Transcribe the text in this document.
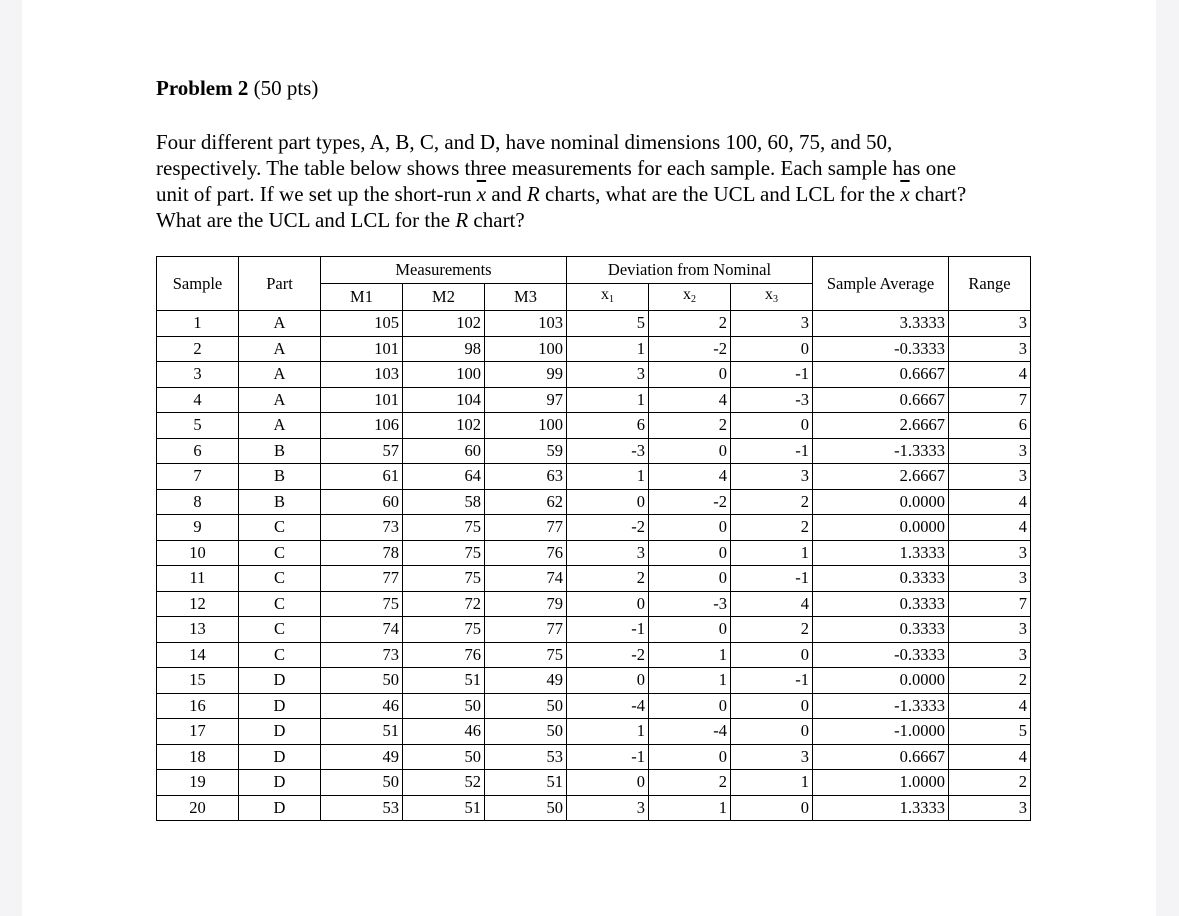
Problem 2 (50 pts)
Four different part types, A, B, C, and D, have nominal dimensions 100, 60, 75, and 50,
respectively. The table below shows three measurements for each sample. Each sample has one
unit of part. If we set up the short-run $\overline{x}$ and R charts, what are the UCL and LCL for the $\overline{x}$ chart?
What are the UCL and LCL for the R chart?
Sample	Part	Measurements			Deviation from Nominal			Sample Average	Range
		M1	M2	M3	$x_1$	$x_2$	$x_3$
1	A	105	102	103	5	2	3	3.3333	3
2	A	101	98	100	1	-2	0	-0.3333	3
3	A	103	100	99	3	0	-1	0.6667	4
4	A	101	104	97	1	4	-3	0.6667	7
5	A	106	102	100	6	2	0	2.6667	6
6	B	57	60	59	-3	0	-1	-1.3333	3
7	B	61	64	63	1	4	3	2.6667	3
8	B	60	58	62	0	-2	2	0.0000	4
9	C	73	75	77	-2	0	2	0.0000	4
10	C	78	75	76	3	0	1	1.3333	3
11	C	77	75	74	2	0	-1	0.3333	3
12	C	75	72	79	0	-3	4	0.3333	7
13	C	74	75	77	-1	0	2	0.3333	3
14	C	73	76	75	-2	1	0	-0.3333	3
15	D	50	51	49	0	1	-1	0.0000	2
16	D	46	50	50	-4	0	0	-1.3333	4
17	D	51	46	50	1	-4	0	-1.0000	5
18	D	49	50	53	-1	0	3	0.6667	4
19	D	50	52	51	0	2	1	1.0000	2
20	D	53	51	50	3	1	0	1.3333	3
